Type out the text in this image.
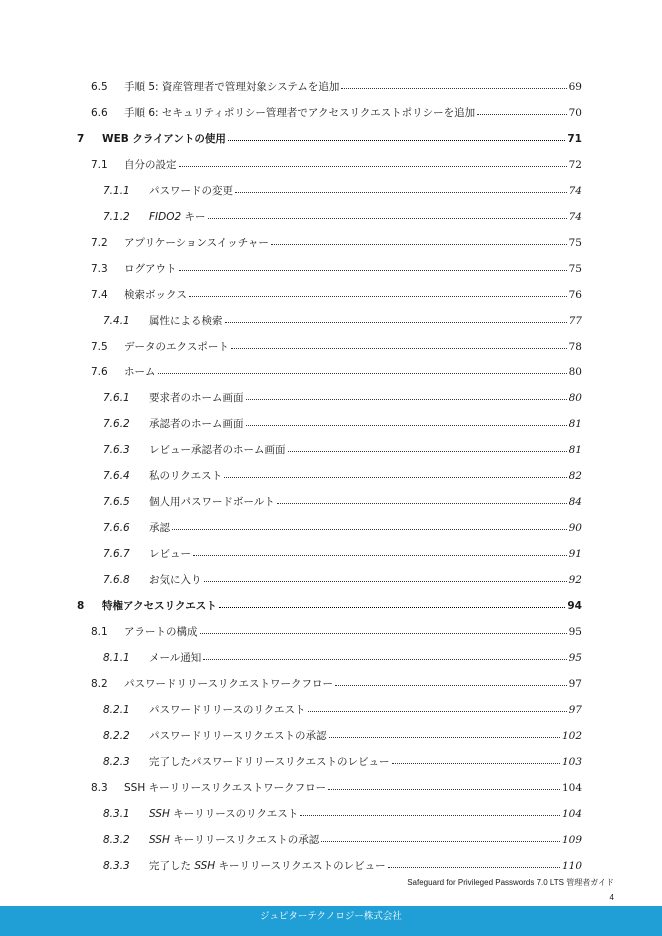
6.5 手順 5: 資産管理者で管理対象システムを追加	69
6.6 手順 6: セキュリティポリシー管理者でアクセスリクエストポリシーを追加	70
7 WEB クライアントの使用	71
7.1 自分の設定	72
7.1.1 パスワードの変更	74
7.1.2 FIDO2 キー	74
7.2 アプリケーションスイッチャー	75
7.3 ログアウト	75
7.4 検索ボックス	76
7.4.1 属性による検索	77
7.5 データのエクスポート	78
7.6 ホーム	80
7.6.1 要求者のホーム画面	80
7.6.2 承認者のホーム画面	81
7.6.3 レビュー承認者のホーム画面	81
7.6.4 私のリクエスト	82
7.6.5 個人用パスワードボールト	84
7.6.6 承認	90
7.6.7 レビュー	91
7.6.8 お気に入り	92
8 特権アクセスリクエスト	94
8.1 アラートの構成	95
8.1.1 メール通知	95
8.2 パスワードリリースリクエストワークフロー	97
8.2.1 パスワードリリースのリクエスト	97
8.2.2 パスワードリリースリクエストの承認	102
8.2.3 完了したパスワードリリースリクエストのレビュー	103
8.3 SSH キーリリースリクエストワークフロー	104
8.3.1 SSH キーリリースのリクエスト	104
8.3.2 SSH キーリリースリクエストの承認	109
8.3.3 完了した SSH キーリリースリクエストのレビュー	110
Safeguard for Privileged Passwords 7.0 LTS 管理者ガイド
4
ジュピターテクノロジー株式会社
